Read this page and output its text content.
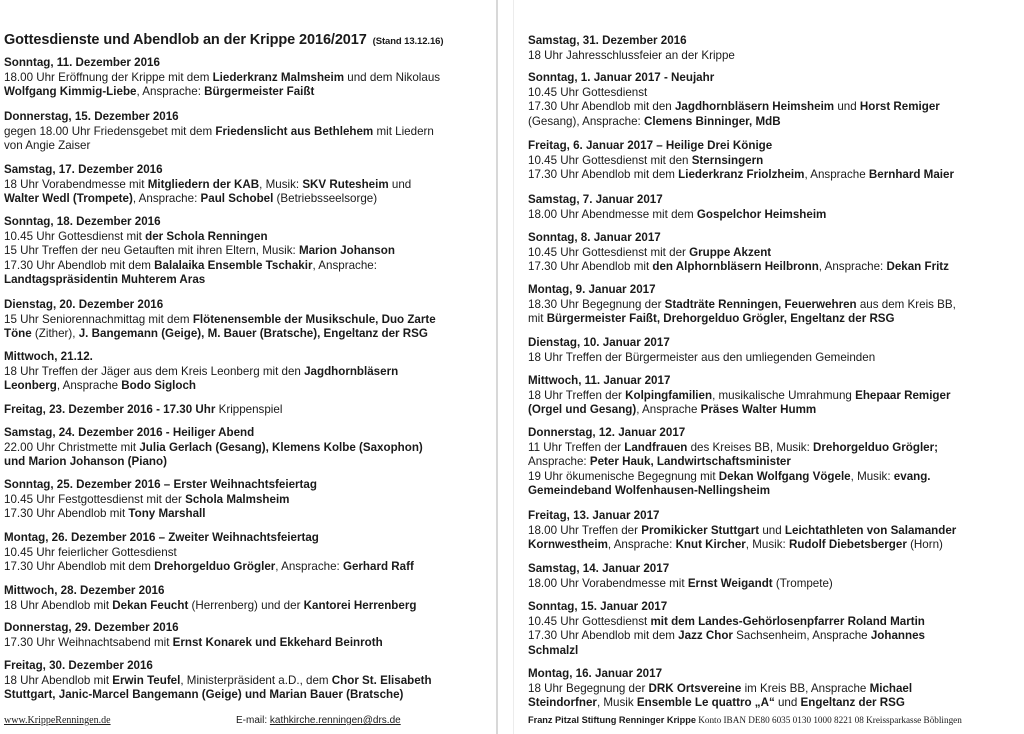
Gottesdienste und Abendlob an der Krippe 2016/2017 (Stand 13.12.16)
Sonntag, 11. Dezember 2016
18.00 Uhr Eröffnung der Krippe mit dem Liederkranz Malmsheim und dem Nikolaus
Wolfgang Kimmig-Liebe, Ansprache: Bürgermeister Faißt
Donnerstag, 15. Dezember 2016
gegen 18.00 Uhr Friedensgebet mit dem Friedenslicht aus Bethlehem mit Liedern
von Angie Zaiser
Samstag, 17. Dezember 2016
18 Uhr Vorabendmesse mit Mitgliedern der KAB, Musik: SKV Rutesheim und
Walter Wedl (Trompete), Ansprache: Paul Schobel (Betriebsseelsorge)
Sonntag, 18. Dezember 2016
10.45 Uhr Gottesdienst mit der Schola Renningen
15 Uhr Treffen der neu Getauften mit ihren Eltern, Musik: Marion Johanson
17.30 Uhr Abendlob mit dem Balalaika Ensemble Tschakir, Ansprache:
Landtagspräsidentin Muhterem Aras
Dienstag, 20. Dezember 2016
15 Uhr Seniorennachmittag mit dem Flötenensemble der Musikschule, Duo Zarte
Töne (Zither), J. Bangemann (Geige), M. Bauer (Bratsche), Engeltanz der RSG
Mittwoch, 21.12.
18 Uhr Treffen der Jäger aus dem Kreis Leonberg mit den Jagdhornbläsern
Leonberg, Ansprache Bodo Sigloch
Freitag, 23. Dezember 2016 - 17.30 Uhr Krippenspiel
Samstag, 24. Dezember 2016 - Heiliger Abend
22.00 Uhr Christmette mit Julia Gerlach (Gesang), Klemens Kolbe (Saxophon)
und Marion Johanson (Piano)
Sonntag, 25. Dezember 2016 – Erster Weihnachtsfeiertag
10.45 Uhr Festgottesdienst mit der Schola Malmsheim
17.30 Uhr Abendlob mit Tony Marshall
Montag, 26. Dezember 2016 – Zweiter Weihnachtsfeiertag
10.45 Uhr feierlicher Gottesdienst
17.30 Uhr Abendlob mit dem Drehorgelduo Grögler, Ansprache: Gerhard Raff
Mittwoch, 28. Dezember 2016
18 Uhr Abendlob mit Dekan Feucht (Herrenberg) und der Kantorei Herrenberg
Donnerstag, 29. Dezember 2016
17.30 Uhr Weihnachtsabend mit Ernst Konarek und Ekkehard Beinroth
Freitag, 30. Dezember 2016
18 Uhr Abendlob mit Erwin Teufel, Ministerpräsident a.D., dem Chor St. Elisabeth
Stuttgart, Janic-Marcel Bangemann (Geige) und Marian Bauer (Bratsche)
Samstag, 31. Dezember 2016
18 Uhr Jahresschlussfeier an der Krippe
Sonntag, 1. Januar 2017 - Neujahr
10.45 Uhr Gottesdienst
17.30 Uhr Abendlob mit den Jagdhornbläsern Heimsheim und Horst Remiger
(Gesang), Ansprache: Clemens Binninger, MdB
Freitag, 6. Januar 2017 – Heilige Drei Könige
10.45 Uhr Gottesdienst mit den Sternsingern
17.30 Uhr Abendlob mit dem Liederkranz Friolzheim, Ansprache Bernhard Maier
Samstag, 7. Januar 2017
18.00 Uhr Abendmesse mit dem Gospelchor Heimsheim
Sonntag, 8. Januar 2017
10.45 Uhr Gottesdienst mit der Gruppe Akzent
17.30 Uhr Abendlob mit den Alphornbläsern Heilbronn, Ansprache: Dekan Fritz
Montag, 9. Januar 2017
18.30 Uhr Begegnung der Stadträte Renningen, Feuerwehren aus dem Kreis BB,
mit Bürgermeister Faißt, Drehorgelduo Grögler, Engeltanz der RSG
Dienstag, 10. Januar 2017
18 Uhr Treffen der Bürgermeister aus den umliegenden Gemeinden
Mittwoch, 11. Januar 2017
18 Uhr Treffen der Kolpingfamilien, musikalische Umrahmung Ehepaar Remiger
(Orgel und Gesang), Ansprache Präses Walter Humm
Donnerstag, 12. Januar 2017
11 Uhr Treffen der Landfrauen des Kreises BB, Musik: Drehorgelduo Grögler;
Ansprache: Peter Hauk, Landwirtschaftsminister
19 Uhr ökumenische Begegnung mit Dekan Wolfgang Vögele, Musik: evang.
Gemeindeband Wolfenhausen-Nellingsheim
Freitag, 13. Januar 2017
18.00 Uhr Treffen der Promikicker Stuttgart und Leichtathleten von Salamander
Kornwestheim, Ansprache: Knut Kircher, Musik: Rudolf Diebetsberger (Horn)
Samstag, 14. Januar 2017
18.00 Uhr Vorabendmesse mit Ernst Weigandt (Trompete)
Sonntag, 15. Januar 2017
10.45 Uhr Gottesdienst mit dem Landes-Gehörlosenpfarrer Roland Martin
17.30 Uhr Abendlob mit dem Jazz Chor Sachsenheim, Ansprache Johannes
Schmalzl
Montag, 16. Januar 2017
18 Uhr Begegnung der DRK Ortsvereine im Kreis BB, Ansprache Michael
Steindorfner, Musik Ensemble Le quattro „A“ und Engeltanz der RSG
www.KrippeRenningen.de	E-mail: kathkirche.renningen@drs.de	Franz Pitzal Stiftung Renninger Krippe Konto IBAN DE80 6035 0130 1000 8221 08 Kreissparkasse Böblingen
